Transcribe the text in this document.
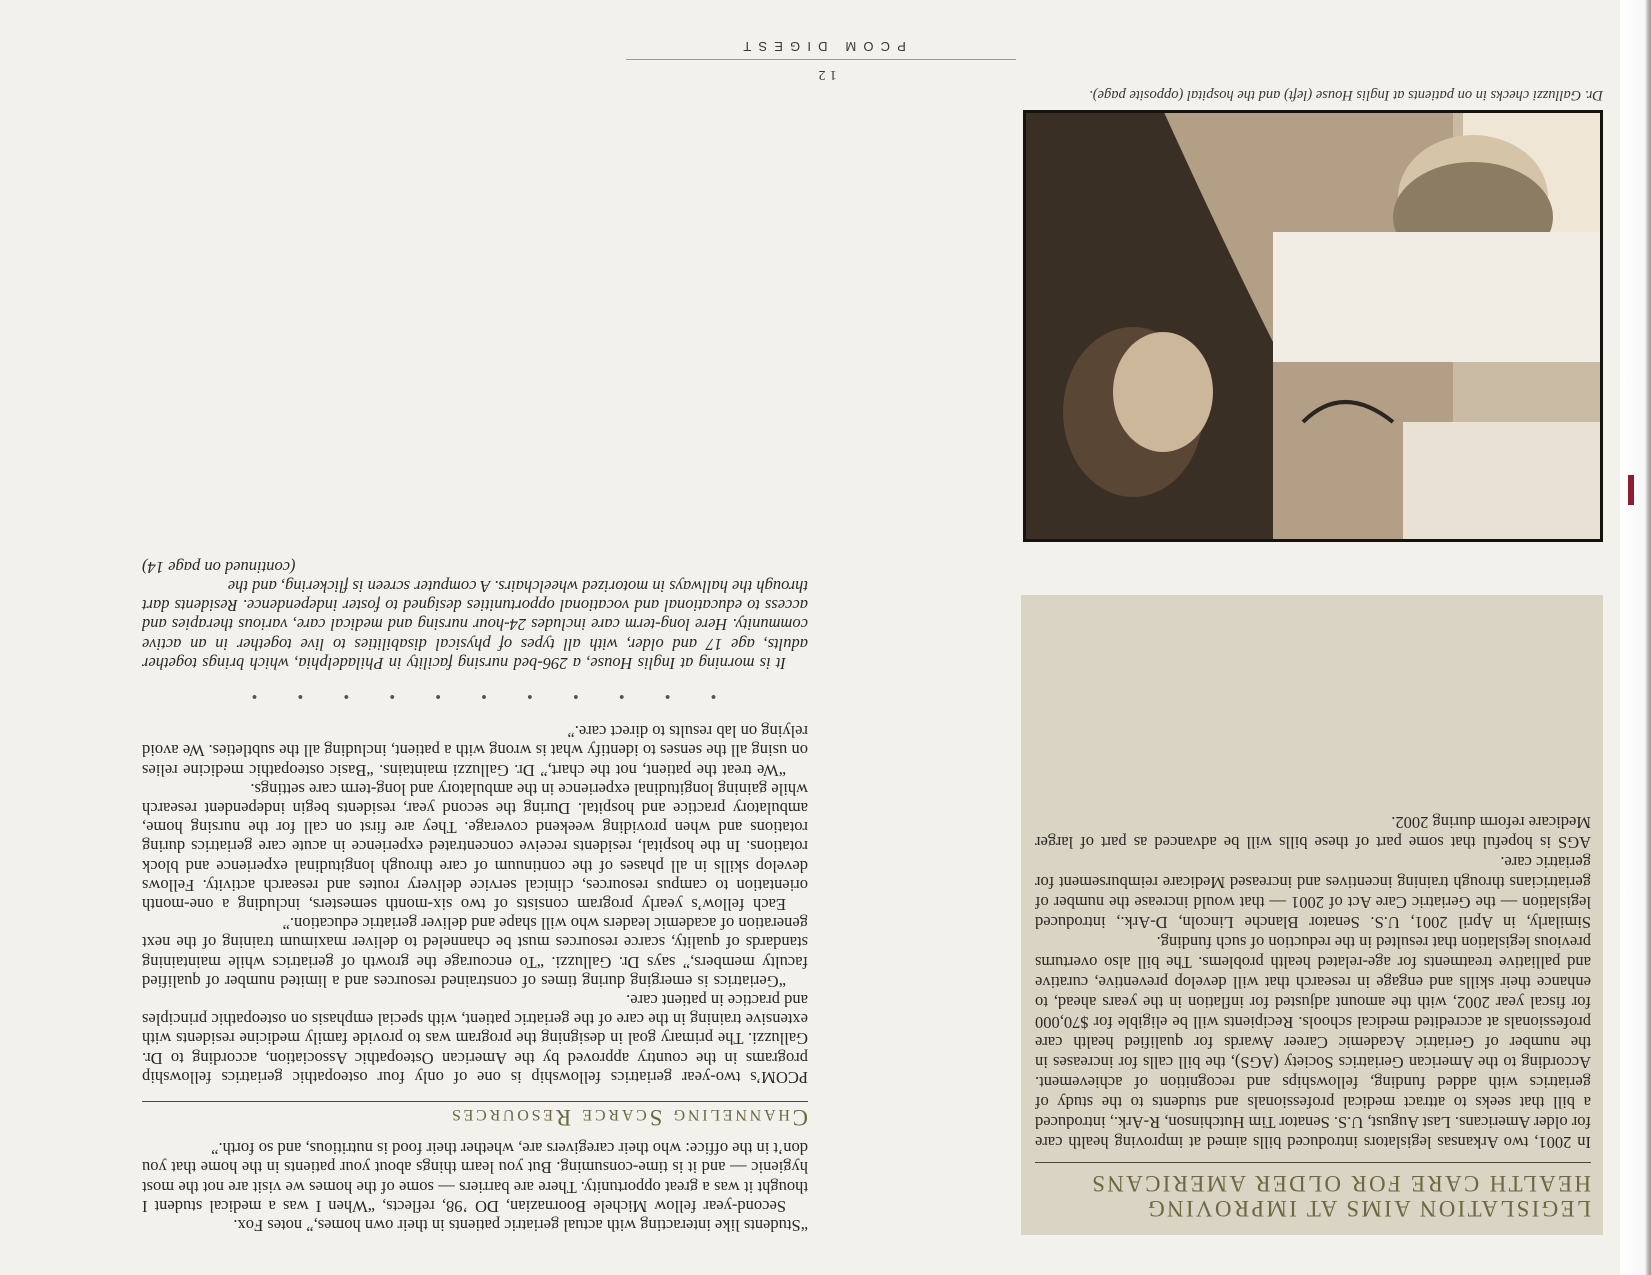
PCOM DIGEST
12
LEGISLATION AIMS AT IMPROVING HEALTH CARE FOR OLDER AMERICANS

In 2001, two Arkansas legislators introduced bills aimed at improving health care for older Americans. Last August, U.S. Senator Tim Hutchinson, R-Ark., introduced a bill that seeks to attract medical professionals and students to the study of geriatrics with added funding, fellowships and recognition of achievement. According to the American Geriatrics Society (AGS), the bill calls for increases in the number of Geriatric Academic Career Awards for qualified health care professionals at accredited medical schools. Recipients will be eligible for $70,000 for fiscal year 2002, with the amount adjusted for inflation in the years ahead, to enhance their skills and engage in research that will develop preventive, curative and palliative treatments for age-related health problems. The bill also overturns previous legislation that resulted in the reduction of such funding.

Similarly, in April 2001, U.S. Senator Blanche Lincoln, D-Ark., introduced legislation — the Geriatric Care Act of 2001 — that would increase the number of geriatricians through training incentives and increased Medicare reimbursement for geriatric care.

AGS is hopeful that some part of these bills will be advanced as part of larger Medicare reform during 2002.

Dr. Galluzzi checks in on patients at Inglis House (left) and the hospital (opposite page).

“Students like interacting with actual geriatric patients in their own homes,” notes Fox.

Second-year fellow Michele Boornazian, DO ’98, reflects, “When I was a medical student I thought it was a great opportunity. There are barriers — some of the homes we visit are not the most hygienic — and it is time-consuming. But you learn things about your patients in the home that you don’t in the office: who their caregivers are, whether their food is nutritious, and so forth.”

Channeling Scarce Resources

PCOM’s two-year geriatrics fellowship is one of only four osteopathic geriatrics fellowship programs in the country approved by the American Osteopathic Association, according to Dr. Galluzzi. The primary goal in designing the program was to provide family medicine residents with extensive training in the care of the geriatric patient, with special emphasis on osteopathic principles and practice in patient care.

“Geriatrics is emerging during times of constrained resources and a limited number of qualified faculty members,” says Dr. Galluzzi. “To encourage the growth of geriatrics while maintaining standards of quality, scarce resources must be channeled to deliver maximum training of the next generation of academic leaders who will shape and deliver geriatric education.”

Each fellow’s yearly program consists of two six-month semesters, including a one-month orientation to campus resources, clinical service delivery routes and research activity. Fellows develop skills in all phases of the continuum of care through longitudinal experience and block rotations. In the hospital, residents receive concentrated experience in acute care geriatrics during rotations and when providing weekend coverage. They are first on call for the nursing home, ambulatory practice and hospital. During the second year, residents begin independent research while gaining longitudinal experience in the ambulatory and long-term care settings.

“We treat the patient, not the chart,” Dr. Galluzzi maintains. “Basic osteopathic medicine relies on using all the senses to identify what is wrong with a patient, including all the subtleties. We avoid relying on lab results to direct care.”

• • • • • • • • • • •

It is morning at Inglis House, a 296-bed nursing facility in Philadelphia, which brings together adults, age 17 and older, with all types of physical disabilities to live together in an active community. Here long-term care includes 24-hour nursing and medical care, various therapies and access to educational and vocational opportunities designed to foster independence. Residents dart through the hallways in motorized wheelchairs. A computer screen is flickering, and the

(continued on page 14)
